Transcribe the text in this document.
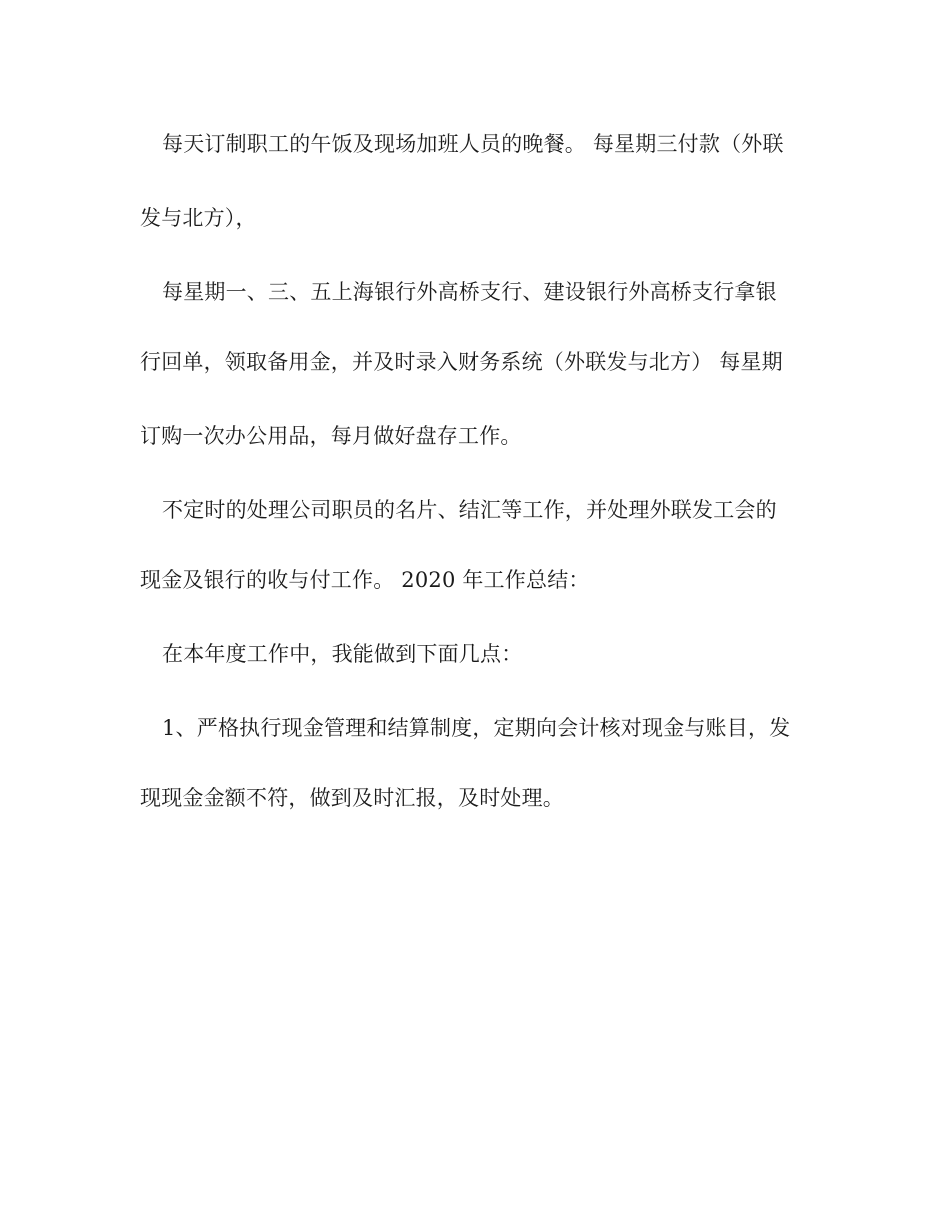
每天订制职工的午饭及现场加班人员的晚餐。 每星期三付款（外联
发与北方），
每星期一、三、五上海银行外高桥支行、建设银行外高桥支行拿银
行回单，领取备用金，并及时录入财务系统（外联发与北方） 每星期
订购一次办公用品，每月做好盘存工作。
不定时的处理公司职员的名片、结汇等工作，并处理外联发工会的
现金及银行的收与付工作。 2020 年工作总结：
在本年度工作中，我能做到下面几点：
1、严格执行现金管理和结算制度，定期向会计核对现金与账目，发
现现金金额不符，做到及时汇报，及时处理。
